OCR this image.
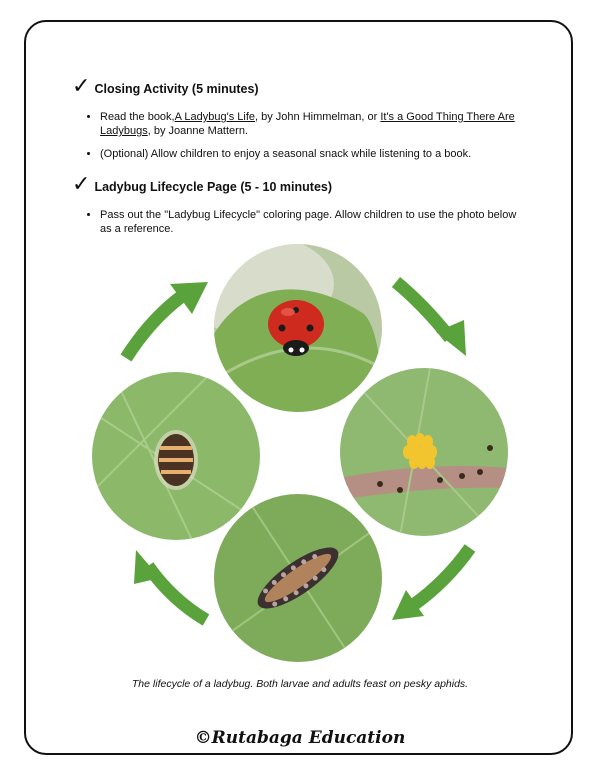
✓ Closing Activity (5 minutes)
• Read the book,A Ladybug's Life, by John Himmelman, or It's a Good Thing There Are Ladybugs, by Joanne Mattern.
• (Optional) Allow children to enjoy a seasonal snack while listening to a book.
✓ Ladybug Lifecycle Page (5 - 10 minutes)
• Pass out the "Ladybug Lifecycle" coloring page. Allow children to use the photo below as a reference.
The lifecycle of a ladybug. Both larvae and adults feast on pesky aphids.
©Rutabaga Education
